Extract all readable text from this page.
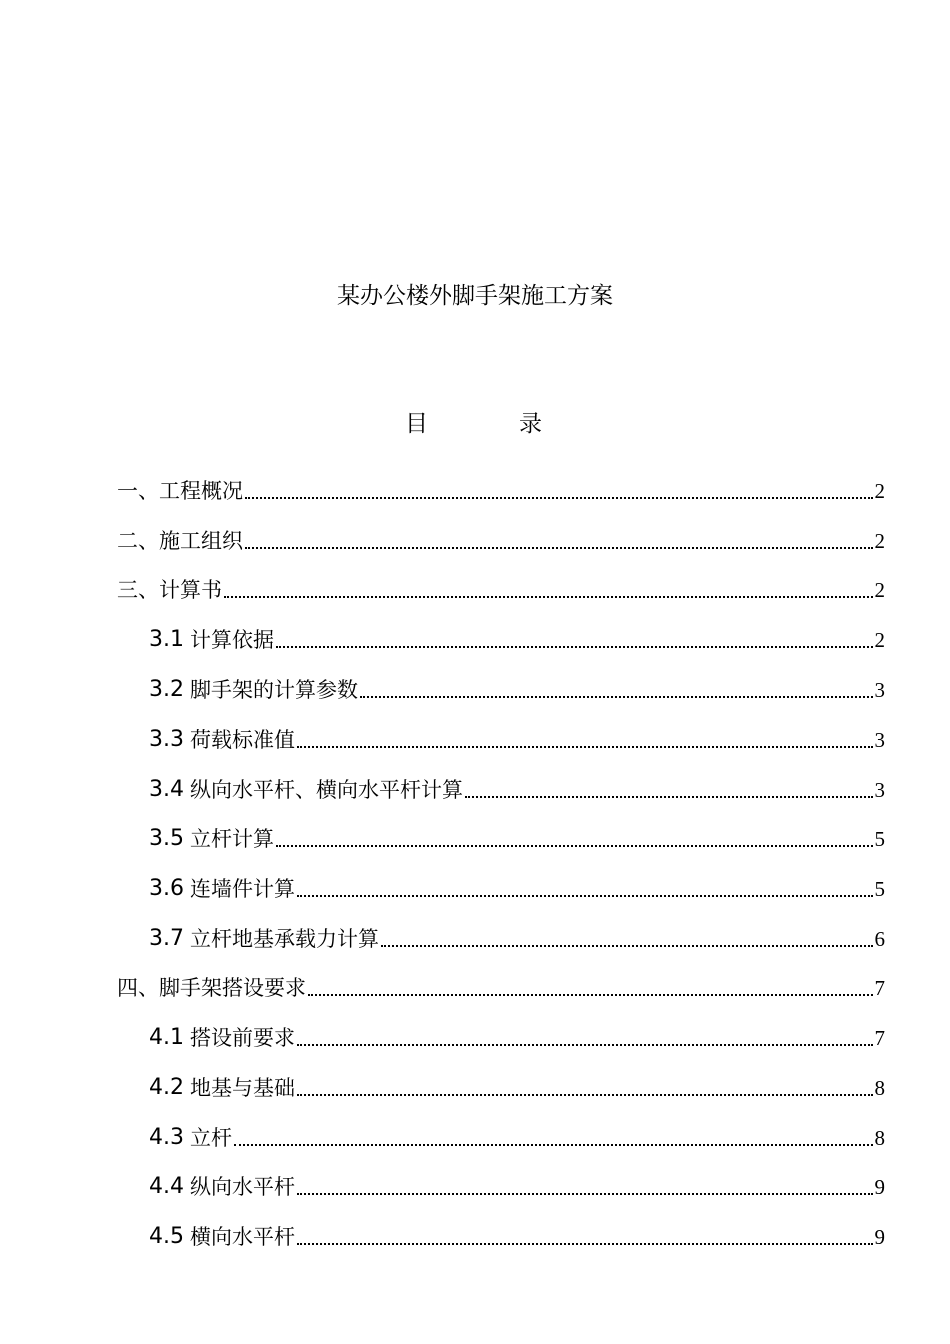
某办公楼外脚手架施工方案
目	录
一、工程概况	2
二、施工组织	2
三、计算书	2
3.1 计算依据	2
3.2 脚手架的计算参数	3
3.3 荷载标准值	3
3.4 纵向水平杆、横向水平杆计算	3
3.5 立杆计算	5
3.6 连墙件计算	5
3.7 立杆地基承载力计算	6
四、脚手架搭设要求	7
4.1 搭设前要求	7
4.2 地基与基础	8
4.3 立杆	8
4.4 纵向水平杆	9
4.5 横向水平杆	9
